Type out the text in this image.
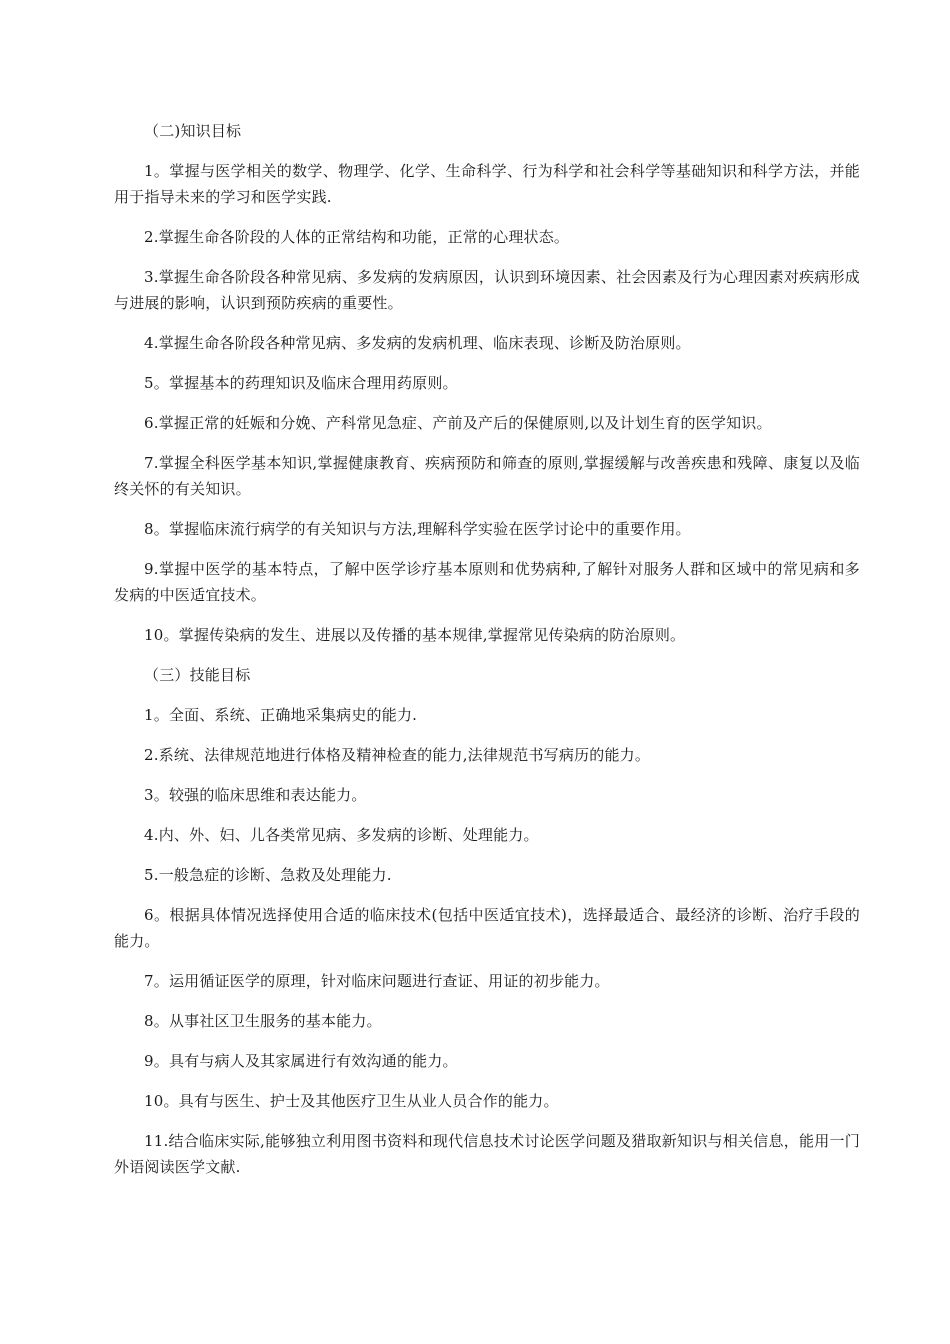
（二)知识目标

1。掌握与医学相关的数学、物理学、化学、生命科学、行为科学和社会科学等基础知识和科学方法，并能用于指导未来的学习和医学实践.

2.掌握生命各阶段的人体的正常结构和功能，正常的心理状态。

3.掌握生命各阶段各种常见病、多发病的发病原因，认识到环境因素、社会因素及行为心理因素对疾病形成与进展的影响，认识到预防疾病的重要性。

4.掌握生命各阶段各种常见病、多发病的发病机理、临床表现、诊断及防治原则。

5。掌握基本的药理知识及临床合理用药原则。

6.掌握正常的妊娠和分娩、产科常见急症、产前及产后的保健原则,以及计划生育的医学知识。

7.掌握全科医学基本知识,掌握健康教育、疾病预防和筛查的原则,掌握缓解与改善疾患和残障、康复以及临终关怀的有关知识。

8。掌握临床流行病学的有关知识与方法,理解科学实验在医学讨论中的重要作用。

9.掌握中医学的基本特点，了解中医学诊疗基本原则和优势病种,了解针对服务人群和区域中的常见病和多发病的中医适宜技术。

10。掌握传染病的发生、进展以及传播的基本规律,掌握常见传染病的防治原则。

（三）技能目标

1。全面、系统、正确地采集病史的能力.

2.系统、法律规范地进行体格及精神检查的能力,法律规范书写病历的能力。

3。较强的临床思维和表达能力。

4.内、外、妇、儿各类常见病、多发病的诊断、处理能力。

5.一般急症的诊断、急救及处理能力.

6。根据具体情况选择使用合适的临床技术(包括中医适宜技术)，选择最适合、最经济的诊断、治疗手段的能力。

7。运用循证医学的原理，针对临床问题进行查证、用证的初步能力。

8。从事社区卫生服务的基本能力。

9。具有与病人及其家属进行有效沟通的能力。

10。具有与医生、护士及其他医疗卫生从业人员合作的能力。

11.结合临床实际,能够独立利用图书资料和现代信息技术讨论医学问题及猎取新知识与相关信息，能用一门外语阅读医学文献.
